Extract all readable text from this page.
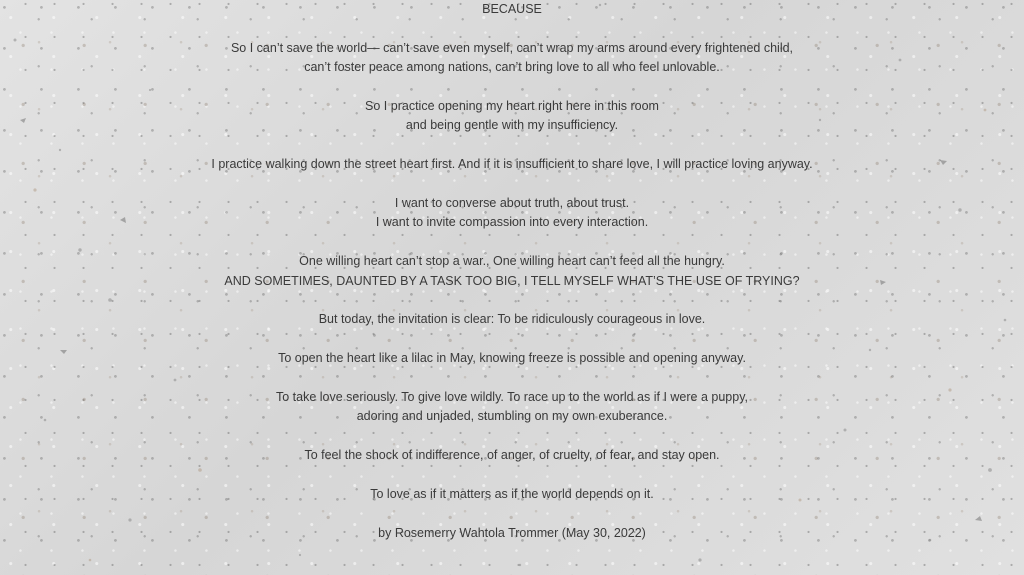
BECAUSE
So I can’t save the world— can’t save even myself, can’t wrap my arms around every frightened child,
can’t foster peace among nations, can’t bring love to all who feel unlovable.
So I practice opening my heart right here in this room
and being gentle with my insufficiency.
I practice walking down the street heart first. And if it is insufficient to share love, I will practice loving anyway.
I want to converse about truth, about trust.
I want to invite compassion into every interaction.
One willing heart can’t stop a war., One willing heart can’t feed all the hungry.
AND SOMETIMES, DAUNTED BY A TASK TOO BIG, I TELL MYSELF WHAT’S THE USE OF TRYING?
But today, the invitation is clear: To be ridiculously courageous in love.
To open the heart like a lilac in May, knowing freeze is possible and opening anyway.
To take love seriously. To give love wildly. To race up to the world as if I were a puppy,
adoring and unjaded, stumbling on my own exuberance.
To feel the shock of indifference, of anger, of cruelty, of fear, and stay open.
To love as if it matters as if the world depends on it.
by Rosemerry Wahtola Trommer (May 30, 2022)
